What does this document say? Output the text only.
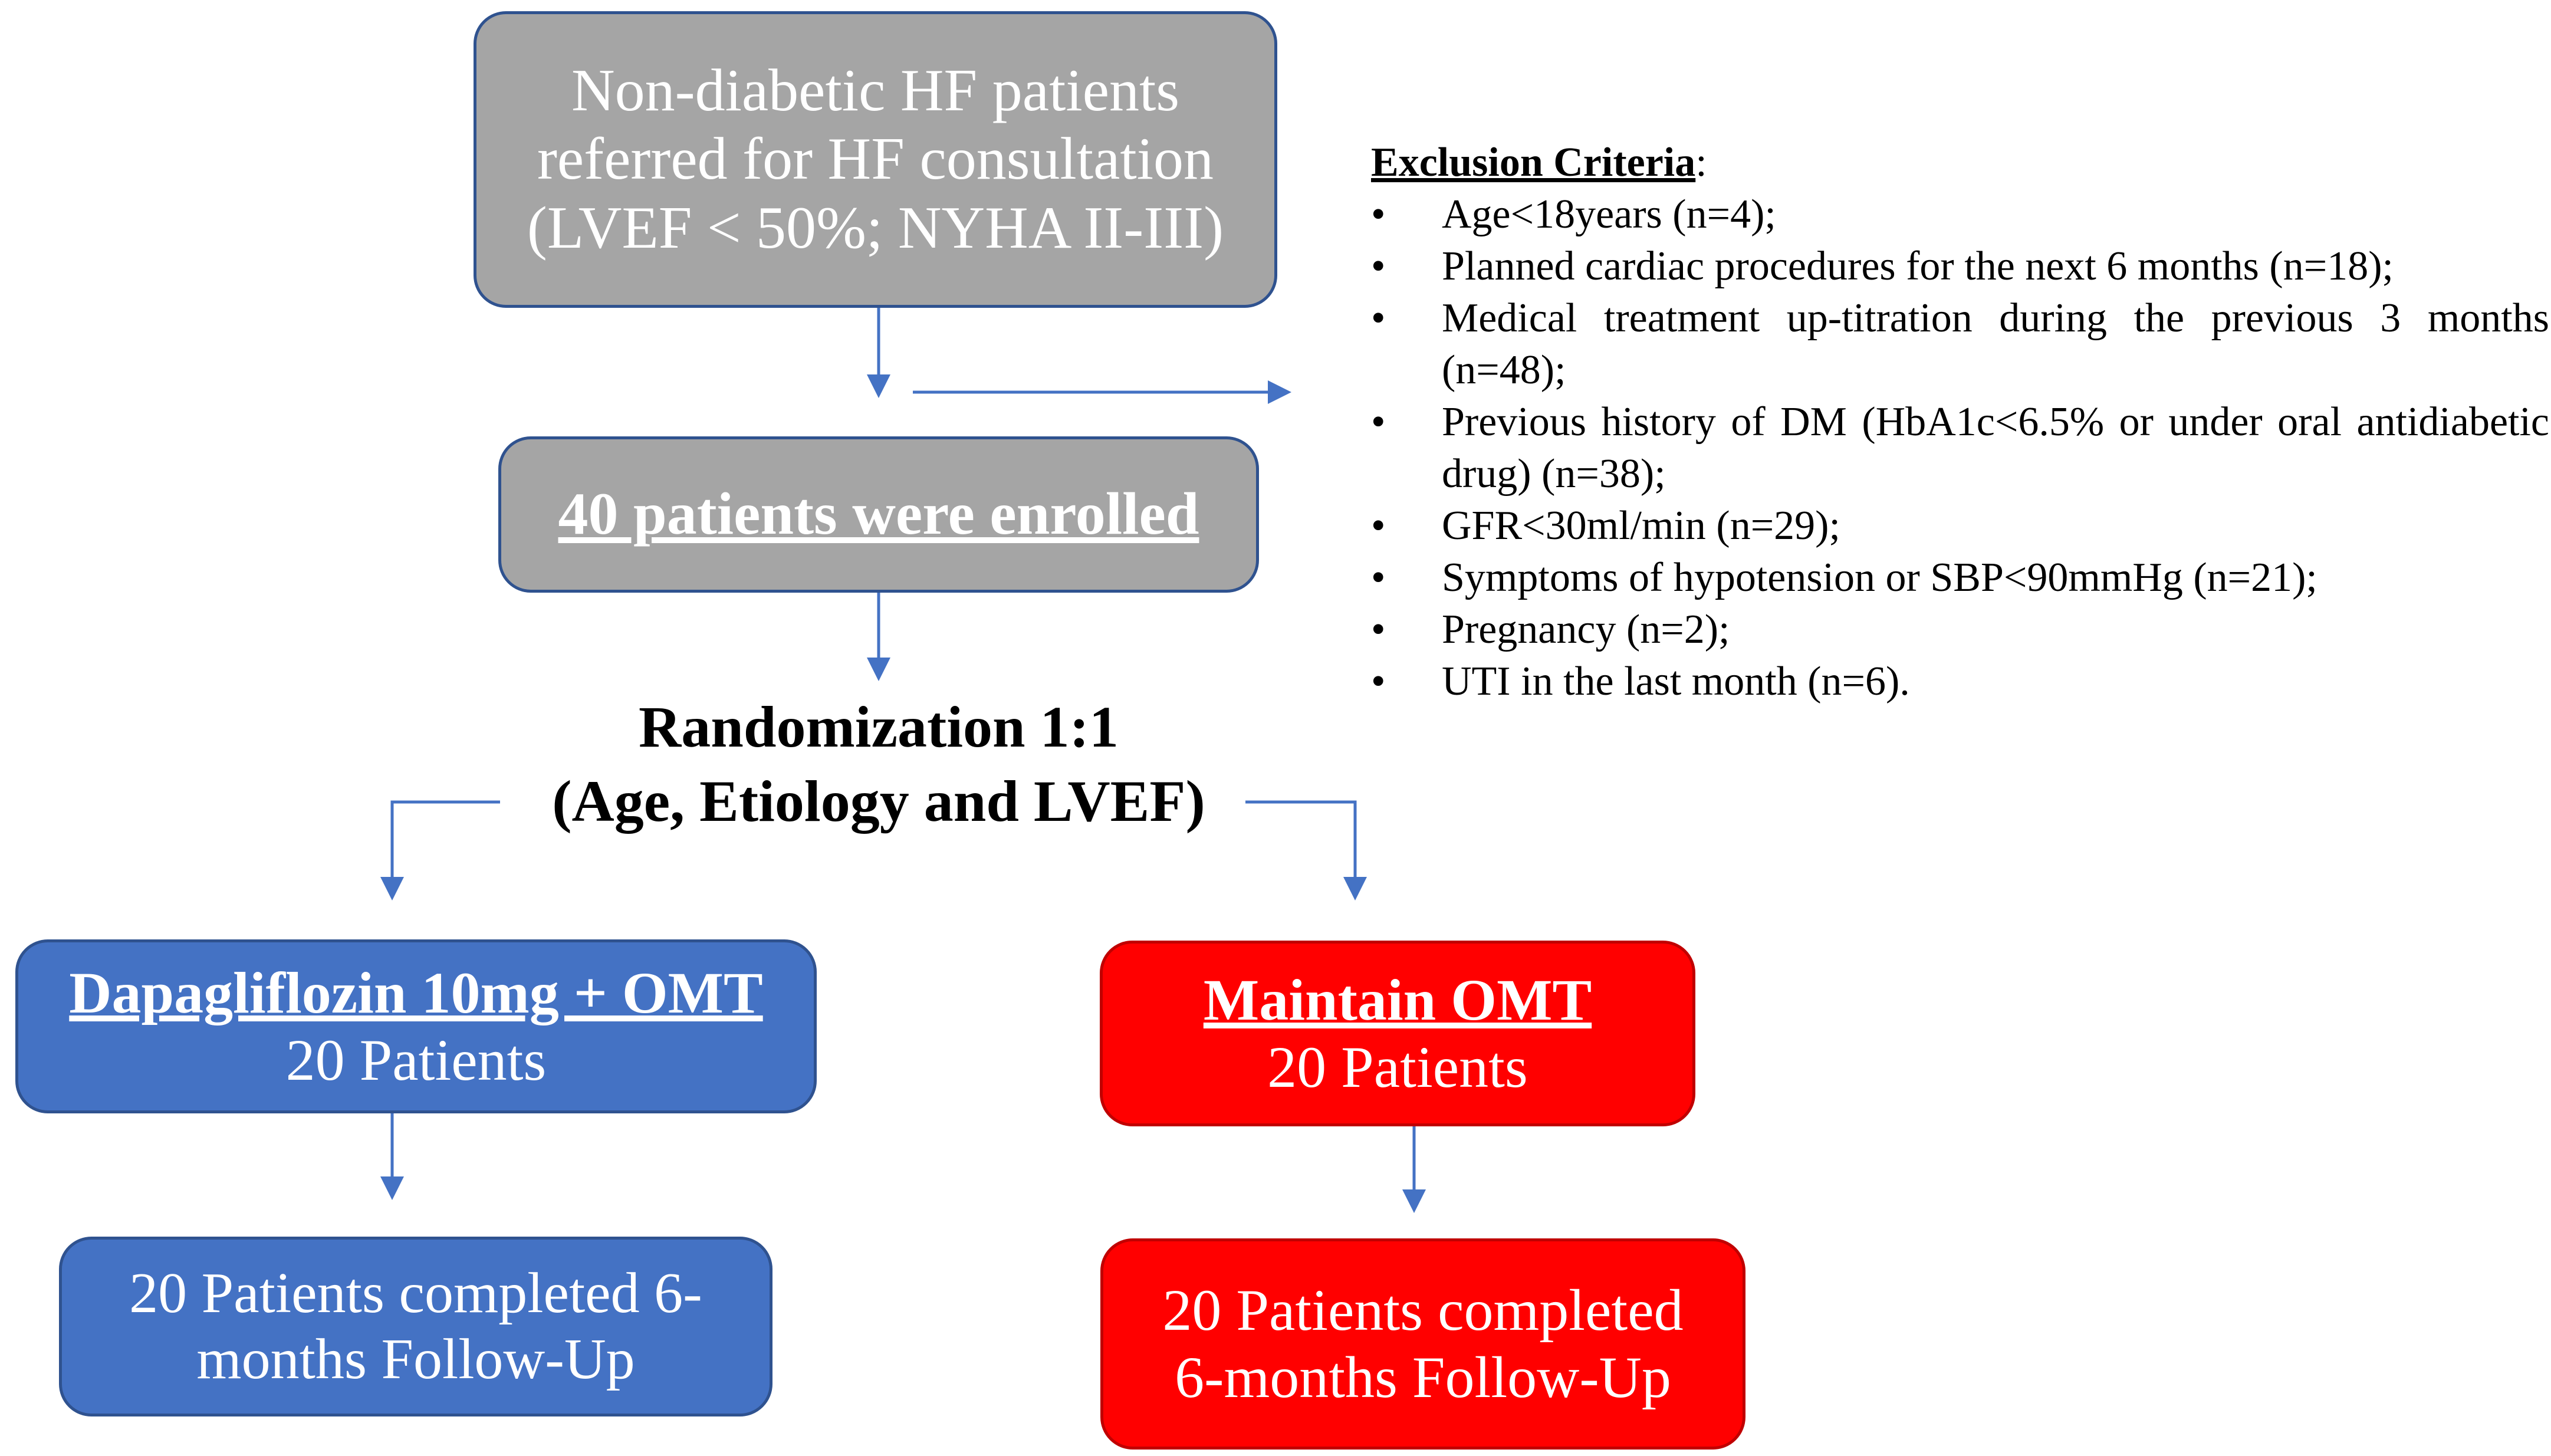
Non-diabetic HF patients
referred for HF consultation
(LVEF < 50%; NYHA II-III)
40 patients were enrolled
Randomization 1:1
(Age, Etiology and LVEF)
Dapagliflozin 10mg + OMT
20 Patients
Maintain OMT
20 Patients
20 Patients completed 6-
months Follow-Up
20 Patients completed
6-months Follow-Up
Exclusion Criteria:
• Age<18years (n=4);
• Planned cardiac procedures for the next 6 months (n=18);
• Medical treatment up-titration during the previous 3 months (n=48);
• Previous history of DM (HbA1c<6.5% or under oral antidiabetic drug) (n=38);
• GFR<30ml/min (n=29);
• Symptoms of hypotension or SBP<90mmHg (n=21);
• Pregnancy (n=2);
• UTI in the last month (n=6).
